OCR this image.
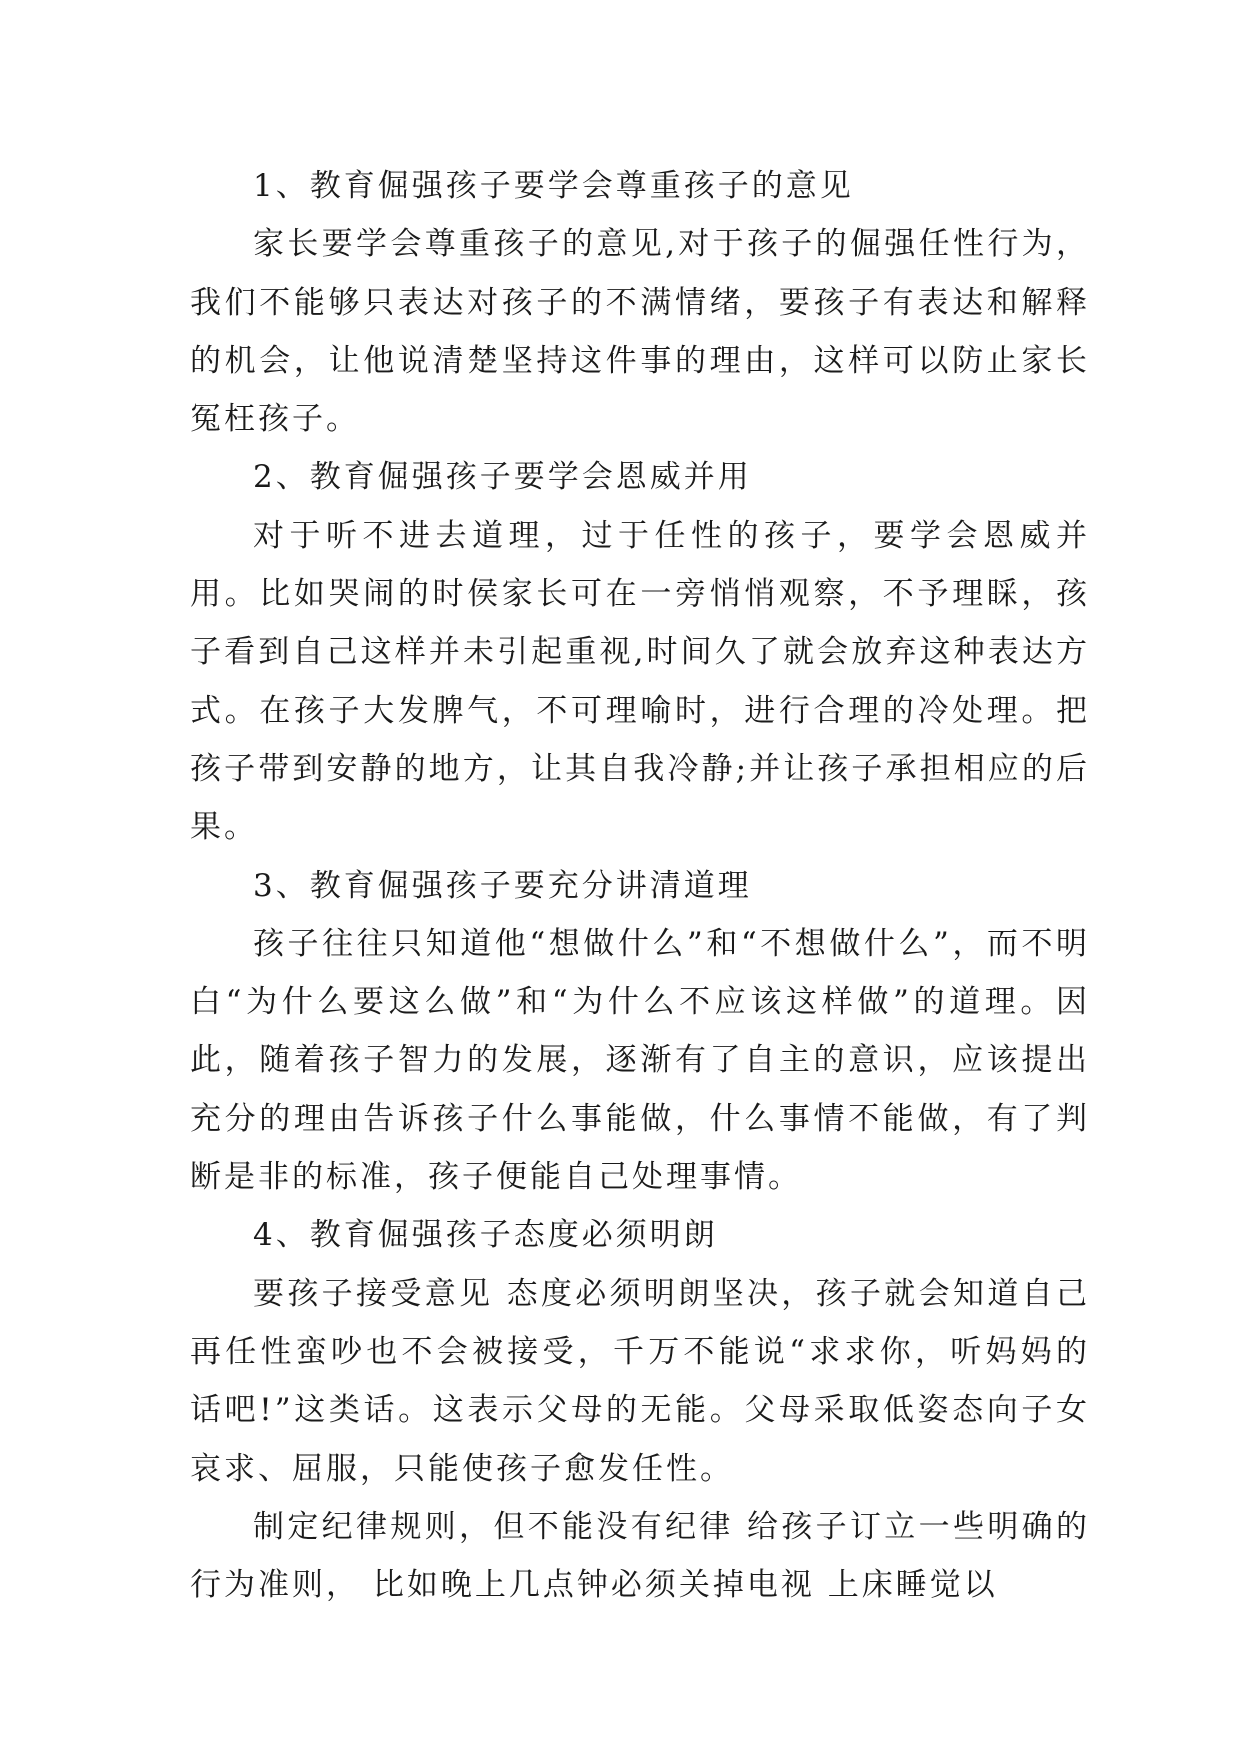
1、教育倔强孩子要学会尊重孩子的意见

家长要学会尊重孩子的意见,对于孩子的倔强任性行为，我们不能够只表达对孩子的不满情绪，要孩子有表达和解释的机会，让他说清楚坚持这件事的理由，这样可以防止家长冤枉孩子。

2、教育倔强孩子要学会恩威并用

对于听不进去道理，过于任性的孩子，要学会恩威并用。比如哭闹的时侯家长可在一旁悄悄观察，不予理睬，孩子看到自己这样并未引起重视,时间久了就会放弃这种表达方式。在孩子大发脾气，不可理喻时，进行合理的冷处理。把孩子带到安静的地方，让其自我冷静;并让孩子承担相应的后果。

3、教育倔强孩子要充分讲清道理

孩子往往只知道他“想做什么”和“不想做什么”，而不明白“为什么要这么做”和“为什么不应该这样做”的道理。因此，随着孩子智力的发展，逐渐有了自主的意识，应该提出充分的理由告诉孩子什么事能做，什么事情不能做，有了判断是非的标准，孩子便能自己处理事情。

4、教育倔强孩子态度必须明朗

要孩子接受意见 态度必须明朗坚决，孩子就会知道自己再任性蛮吵也不会被接受，千万不能说“求求你，听妈妈的话吧!”这类话。这表示父母的无能。父母采取低姿态向子女哀求、屈服，只能使孩子愈发任性。

制定纪律规则，但不能没有纪律 给孩子订立一些明确的行为准则， 比如晚上几点钟必须关掉电视 上床睡觉以
